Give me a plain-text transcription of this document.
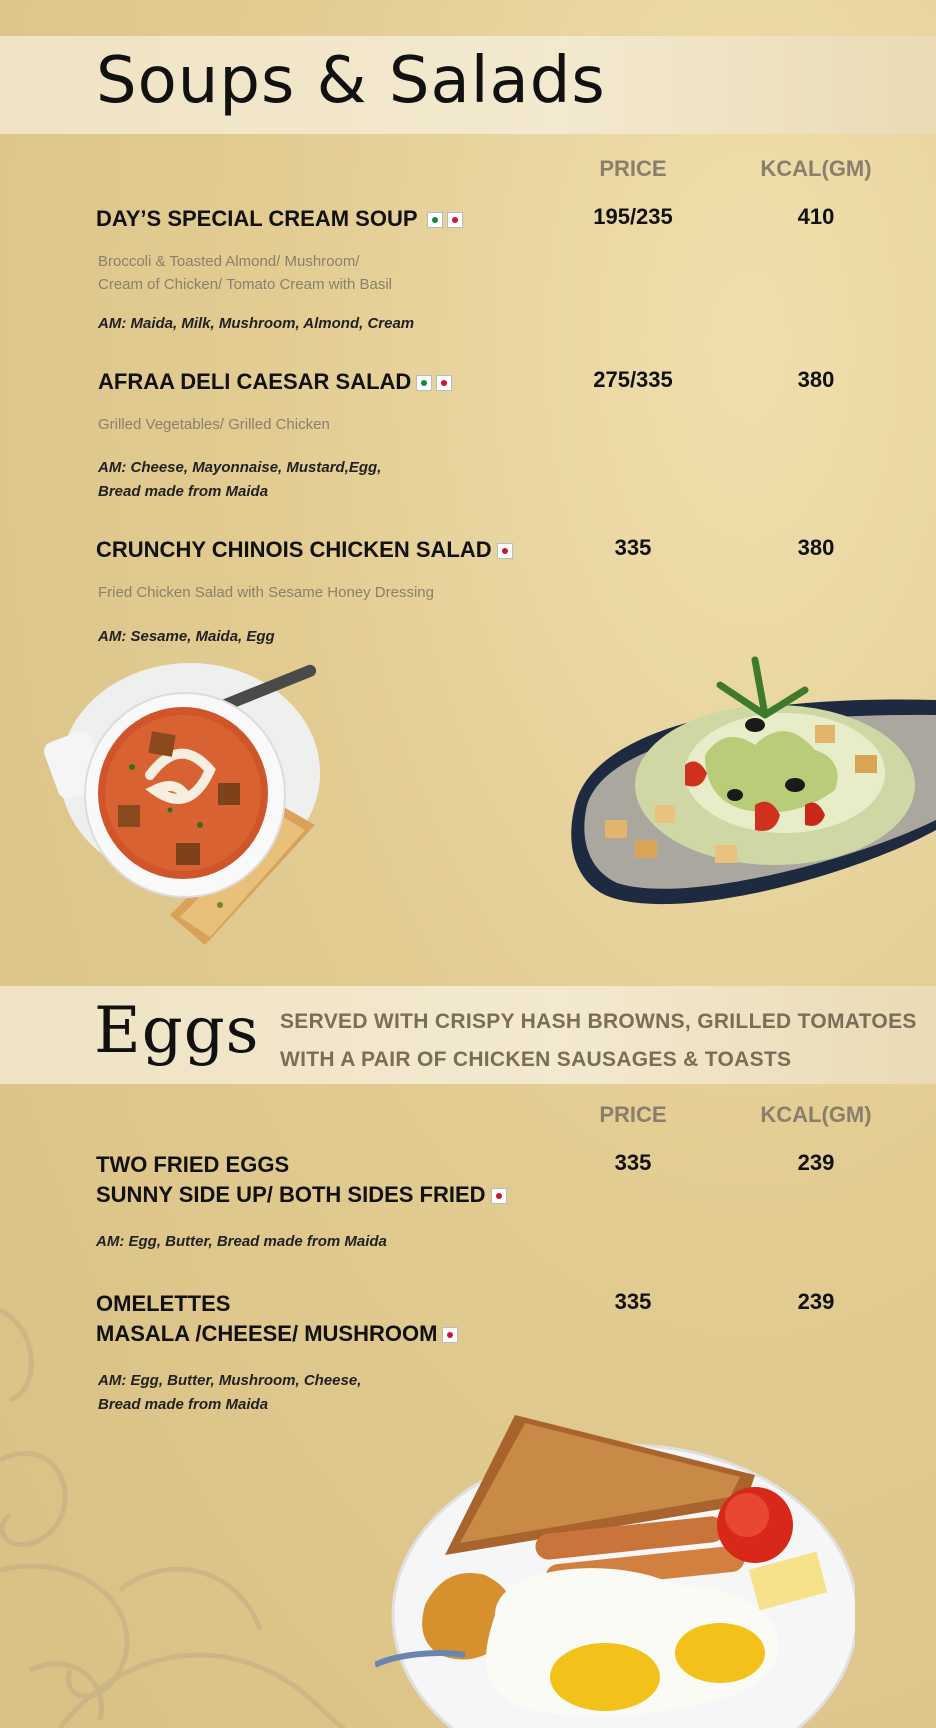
Soups & Salads
PRICE	KCAL(GM)
DAY’S SPECIAL CREAM SOUP	195/235	410
Broccoli & Toasted Almond/ Mushroom/
Cream of Chicken/ Tomato Cream with Basil
AM: Maida, Milk, Mushroom, Almond, Cream
AFRAA DELI CAESAR SALAD	275/335	380
Grilled Vegetables/ Grilled Chicken
AM: Cheese, Mayonnaise, Mustard,Egg,
Bread made from Maida
CRUNCHY CHINOIS CHICKEN SALAD	335	380
Fried Chicken Salad with Sesame Honey Dressing
AM: Sesame, Maida, Egg
Eggs SERVED WITH CRISPY HASH BROWNS, GRILLED TOMATOES
WITH A PAIR OF CHICKEN SAUSAGES & TOASTS
PRICE	KCAL(GM)
TWO FRIED EGGS
SUNNY SIDE UP/ BOTH SIDES FRIED
335	239
AM: Egg, Butter, Bread made from Maida
OMELETTES
MASALA /CHEESE/ MUSHROOM
335	239
AM: Egg, Butter, Mushroom, Cheese,
Bread made from Maida
